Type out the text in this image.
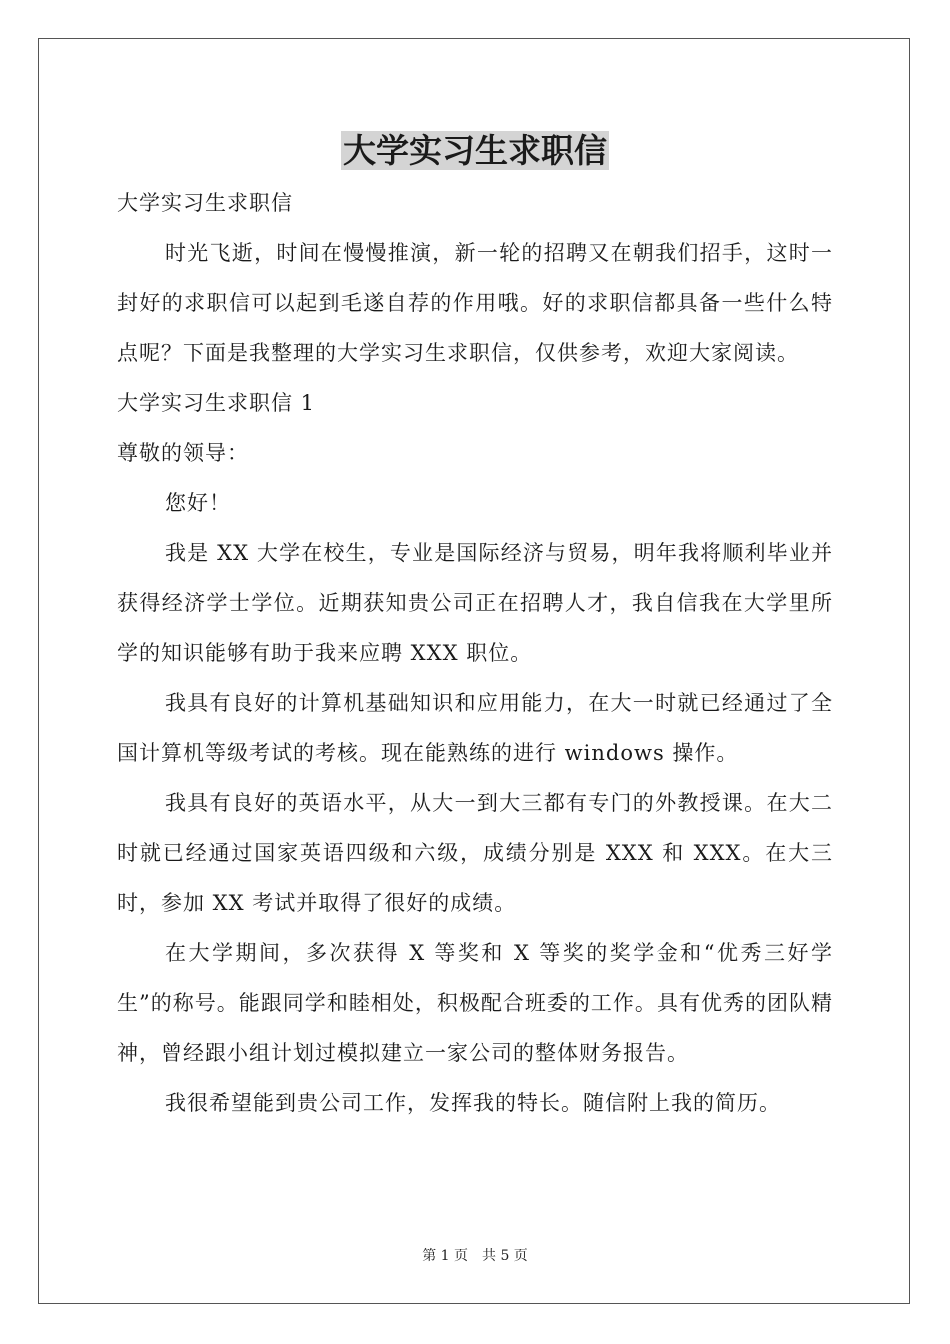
大学实习生求职信

大学实习生求职信

时光飞逝，时间在慢慢推演，新一轮的招聘又在朝我们招手，这时一封好的求职信可以起到毛遂自荐的作用哦。好的求职信都具备一些什么特点呢？下面是我整理的大学实习生求职信，仅供参考，欢迎大家阅读。

大学实习生求职信 1

尊敬的领导：

您好！

我是 XX 大学在校生，专业是国际经济与贸易，明年我将顺利毕业并获得经济学士学位。近期获知贵公司正在招聘人才，我自信我在大学里所学的知识能够有助于我来应聘 XXX 职位。

我具有良好的计算机基础知识和应用能力，在大一时就已经通过了全国计算机等级考试的考核。现在能熟练的进行 windows 操作。

我具有良好的英语水平，从大一到大三都有专门的外教授课。在大二时就已经通过国家英语四级和六级，成绩分别是 XXX 和 XXX。在大三时，参加 XX 考试并取得了很好的成绩。

在大学期间，多次获得 X 等奖和 X 等奖的奖学金和“优秀三好学生”的称号。能跟同学和睦相处，积极配合班委的工作。具有优秀的团队精神，曾经跟小组计划过模拟建立一家公司的整体财务报告。

我很希望能到贵公司工作，发挥我的特长。随信附上我的简历。

第 1 页 共 5 页
